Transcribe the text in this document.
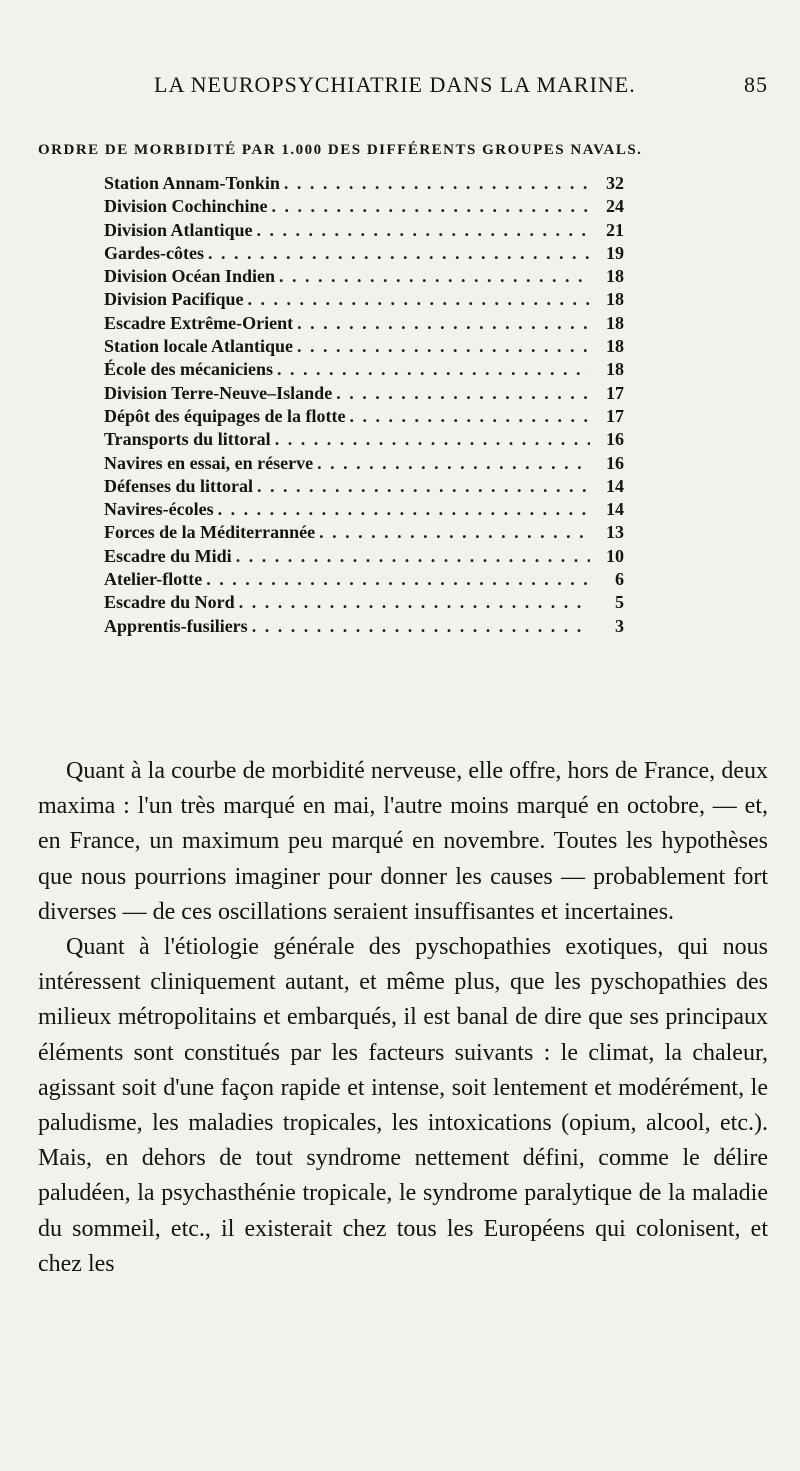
LA NEUROPSYCHIATRIE DANS LA MARINE.	85
ORDRE DE MORBIDITÉ PAR 1.000 DES DIFFÉRENTS GROUPES NAVALS.
Station Annam-Tonkin . . .	32
Division Cochinchine . . .	24
Division Atlantique . . .	21
Gardes-côtes . . .	19
Division Océan Indien . . .	18
Division Pacifique . . .	18
Escadre Extrême-Orient . . .	18
Station locale Atlantique . . .	18
École des mécaniciens . . .	18
Division Terre-Neuve–Islande . . .	17
Dépôt des équipages de la flotte . . .	17
Transports du littoral . . .	16
Navires en essai, en réserve . . .	16
Défenses du littoral . . .	14
Navires-écoles . . .	14
Forces de la Méditerrannée . . .	13
Escadre du Midi . . .	10
Atelier-flotte . . .	6
Escadre du Nord . . .	5
Apprentis-fusiliers . . .	3

Quant à la courbe de morbidité nerveuse, elle offre, hors de France, deux maxima : l'un très marqué en mai, l'autre moins marqué en octobre, — et, en France, un maximum peu marqué en novembre. Toutes les hypothèses que nous pourrions imaginer pour donner les causes — probablement fort diverses — de ces oscillations seraient insuffisantes et incertaines.

Quant à l'étiologie générale des pyschopathies exotiques, qui nous intéressent cliniquement autant, et même plus, que les pyschopathies des milieux métropolitains et embarqués, il est banal de dire que ses principaux éléments sont constitués par les facteurs suivants : le climat, la chaleur, agissant soit d'une façon rapide et intense, soit lentement et modérément, le paludisme, les maladies tropicales, les intoxications (opium, alcool, etc.). Mais, en dehors de tout syndrome nettement défini, comme le délire paludéen, la psychasthénie tropicale, le syndrome paralytique de la maladie du sommeil, etc., il existerait chez tous les Européens qui colonisent, et chez les
